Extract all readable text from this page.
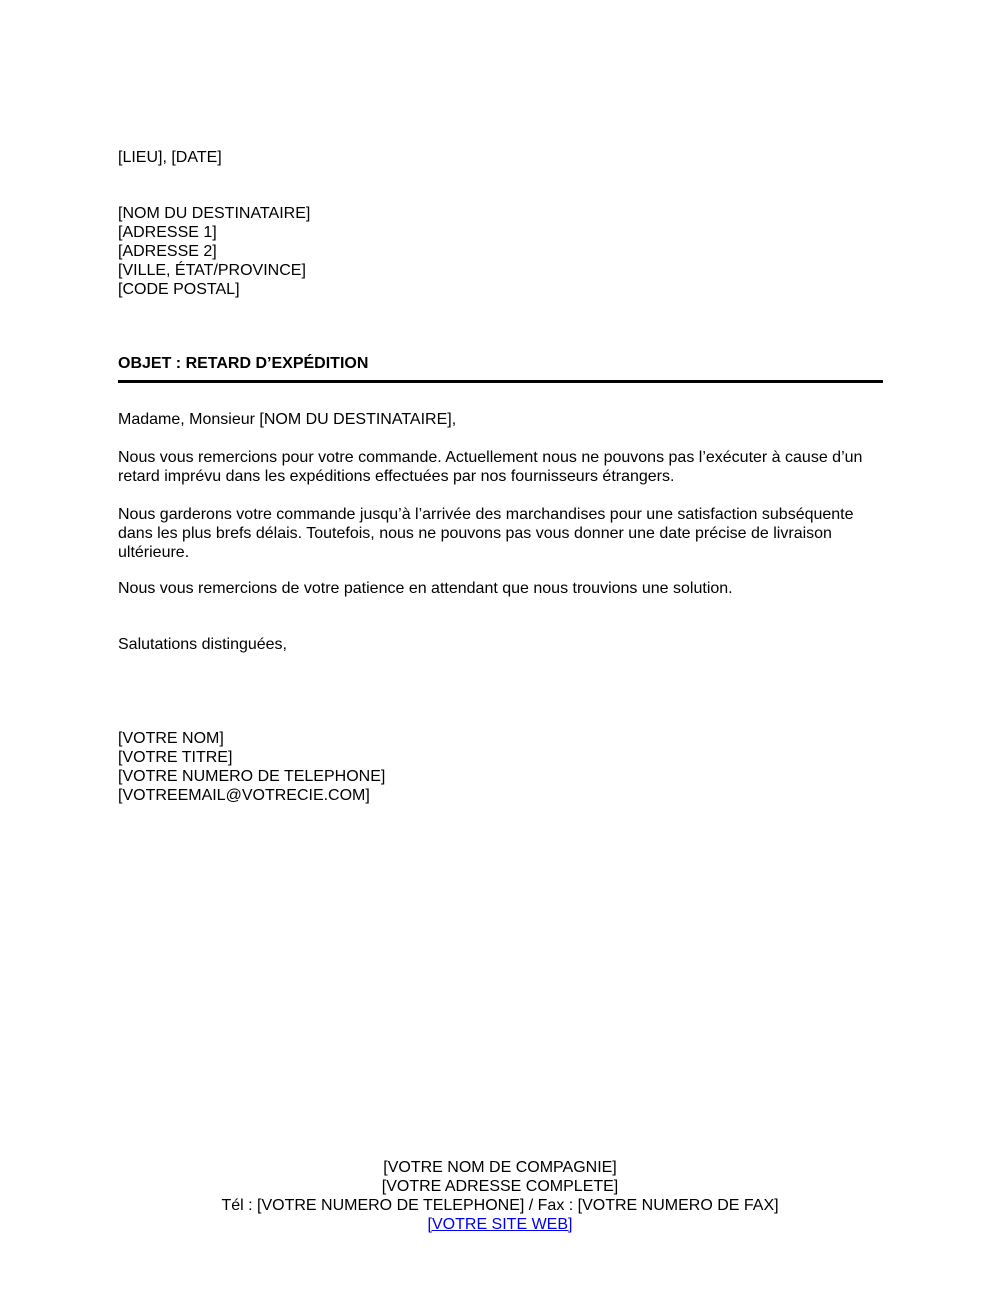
[LIEU], [DATE]
[NOM DU DESTINATAIRE]
[ADRESSE 1]
[ADRESSE 2]
[VILLE, ÉTAT/PROVINCE]
[CODE POSTAL]
OBJET : RETARD D’EXPÉDITION
Madame, Monsieur [NOM DU DESTINATAIRE],
Nous vous remercions pour votre commande. Actuellement nous ne pouvons pas l’exécuter à cause d’un retard imprévu dans les expéditions effectuées par nos fournisseurs étrangers.
Nous garderons votre commande jusqu’à l’arrivée des marchandises pour une satisfaction subséquente dans les plus brefs délais. Toutefois, nous ne pouvons pas vous donner une date précise de livraison ultérieure.
Nous vous remercions de votre patience en attendant que nous trouvions une solution.
Salutations distinguées,
[VOTRE NOM]
[VOTRE TITRE]
[VOTRE NUMERO DE TELEPHONE]
[VOTREEMAIL@VOTRECIE.COM]
[VOTRE NOM DE COMPAGNIE]
[VOTRE ADRESSE COMPLETE]
Tél : [VOTRE NUMERO DE TELEPHONE] / Fax : [VOTRE NUMERO DE FAX]
[VOTRE SITE WEB]
